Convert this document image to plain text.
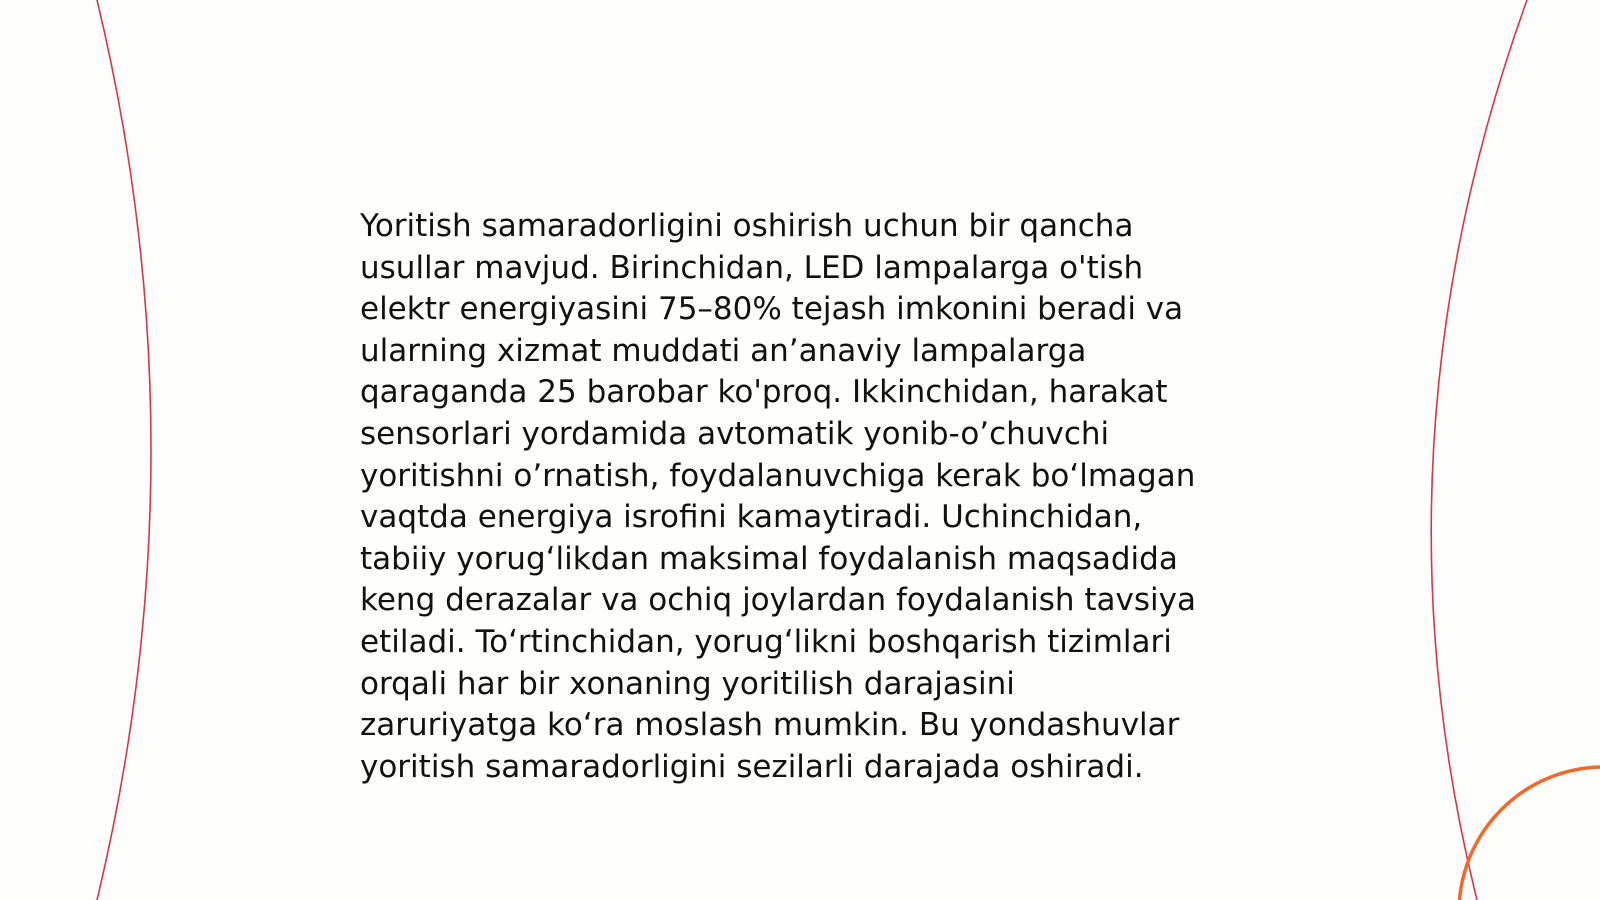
Yoritish samaradorligini oshirish uchun bir qancha
usullar mavjud. Birinchidan, LED lampalarga o'tish
elektr energiyasini 75–80% tejash imkonini beradi va
ularning xizmat muddati an’anaviy lampalarga
qaraganda 25 barobar ko'proq. Ikkinchidan, harakat
sensorlari yordamida avtomatik yonib-o’chuvchi
yoritishni o’rnatish, foydalanuvchiga kerak bo‘lmagan
vaqtda energiya isrofini kamaytiradi. Uchinchidan,
tabiiy yorug‘likdan maksimal foydalanish maqsadida
keng derazalar va ochiq joylardan foydalanish tavsiya
etiladi. To‘rtinchidan, yorug‘likni boshqarish tizimlari
orqali har bir xonaning yoritilish darajasini
zaruriyatga ko‘ra moslash mumkin. Bu yondashuvlar
yoritish samaradorligini sezilarli darajada oshiradi.
